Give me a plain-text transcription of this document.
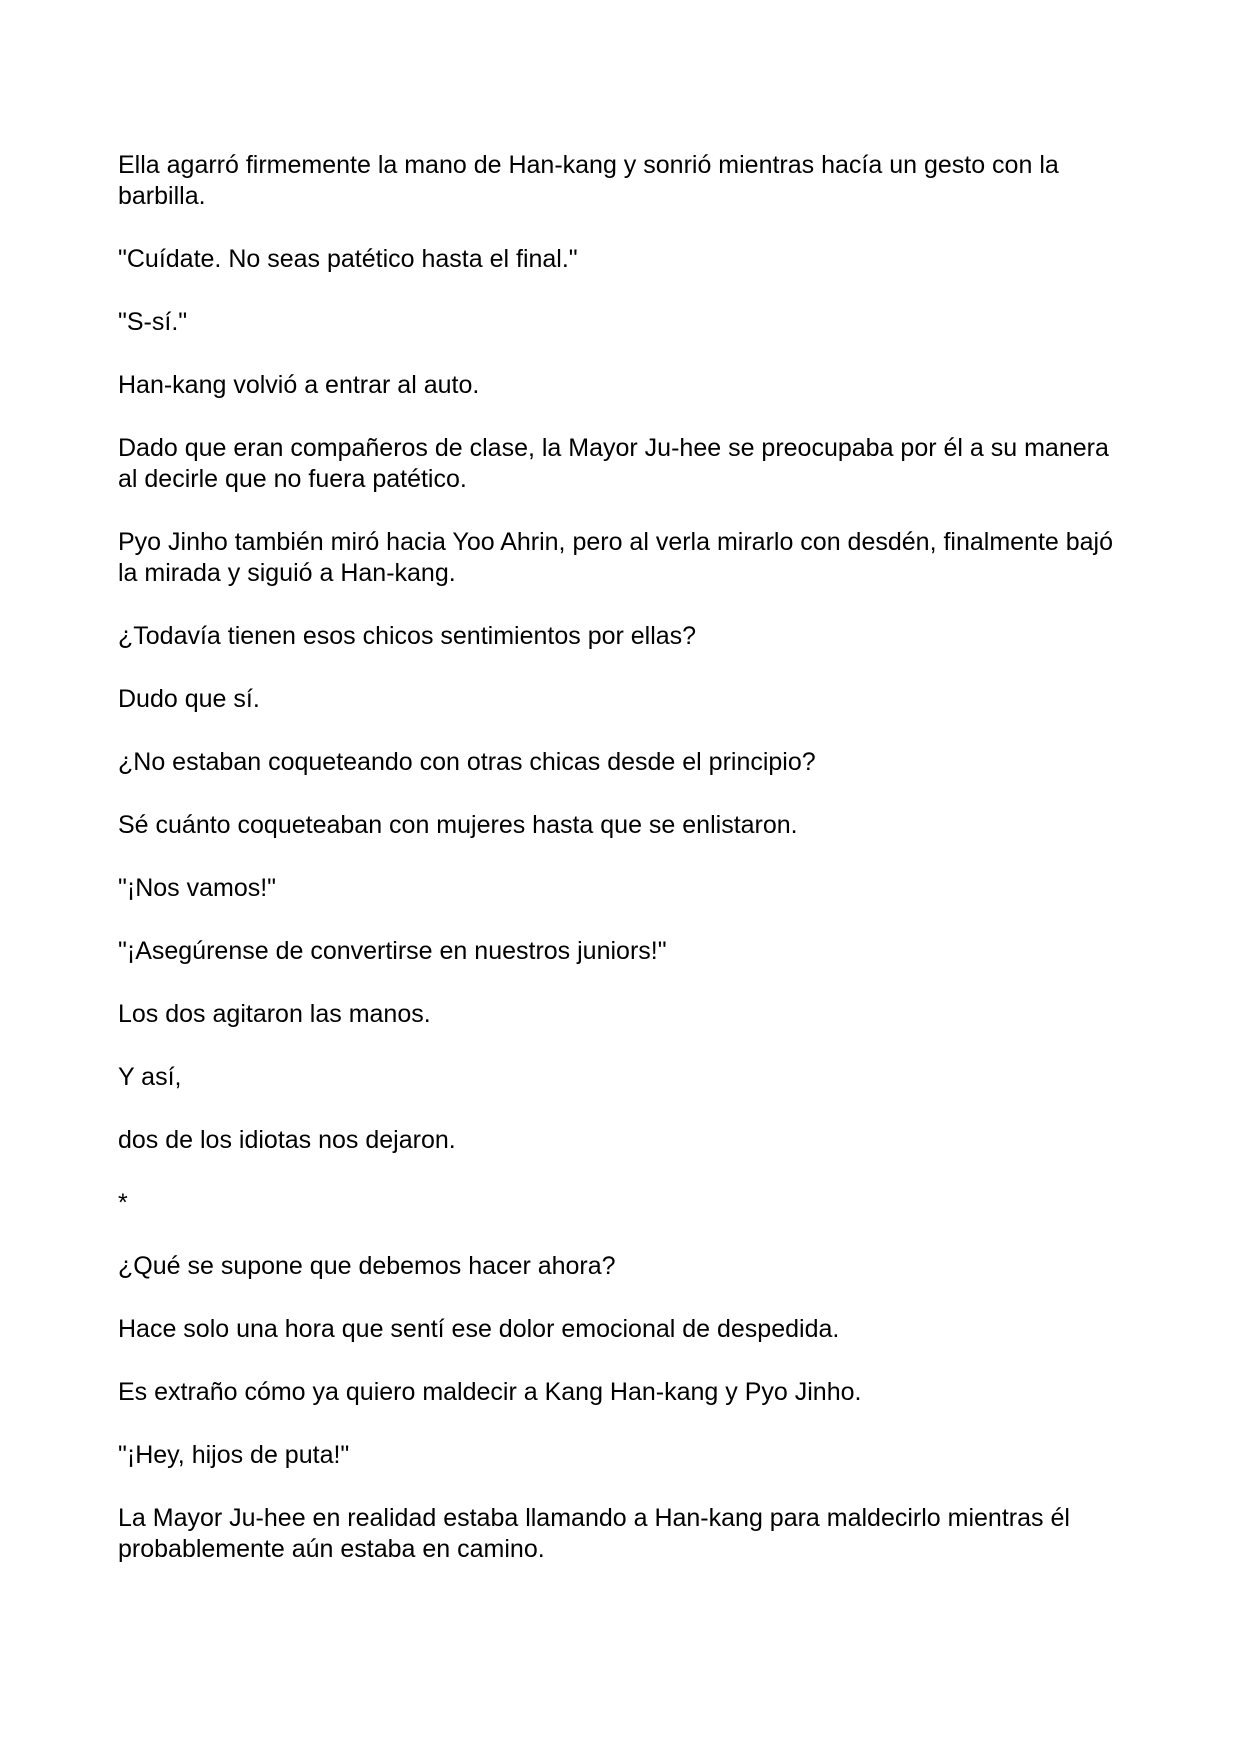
Ella agarró firmemente la mano de Han-kang y sonrió mientras hacía un gesto con la barbilla.

"Cuídate. No seas patético hasta el final."

"S-sí."

Han-kang volvió a entrar al auto.

Dado que eran compañeros de clase, la Mayor Ju-hee se preocupaba por él a su manera al decirle que no fuera patético.

Pyo Jinho también miró hacia Yoo Ahrin, pero al verla mirarlo con desdén, finalmente bajó la mirada y siguió a Han-kang.

¿Todavía tienen esos chicos sentimientos por ellas?

Dudo que sí.

¿No estaban coqueteando con otras chicas desde el principio?

Sé cuánto coqueteaban con mujeres hasta que se enlistaron.

"¡Nos vamos!"

"¡Asegúrense de convertirse en nuestros juniors!"

Los dos agitaron las manos.

Y así,

dos de los idiotas nos dejaron.

*

¿Qué se supone que debemos hacer ahora?

Hace solo una hora que sentí ese dolor emocional de despedida.

Es extraño cómo ya quiero maldecir a Kang Han-kang y Pyo Jinho.

"¡Hey, hijos de puta!"

La Mayor Ju-hee en realidad estaba llamando a Han-kang para maldecirlo mientras él probablemente aún estaba en camino.
